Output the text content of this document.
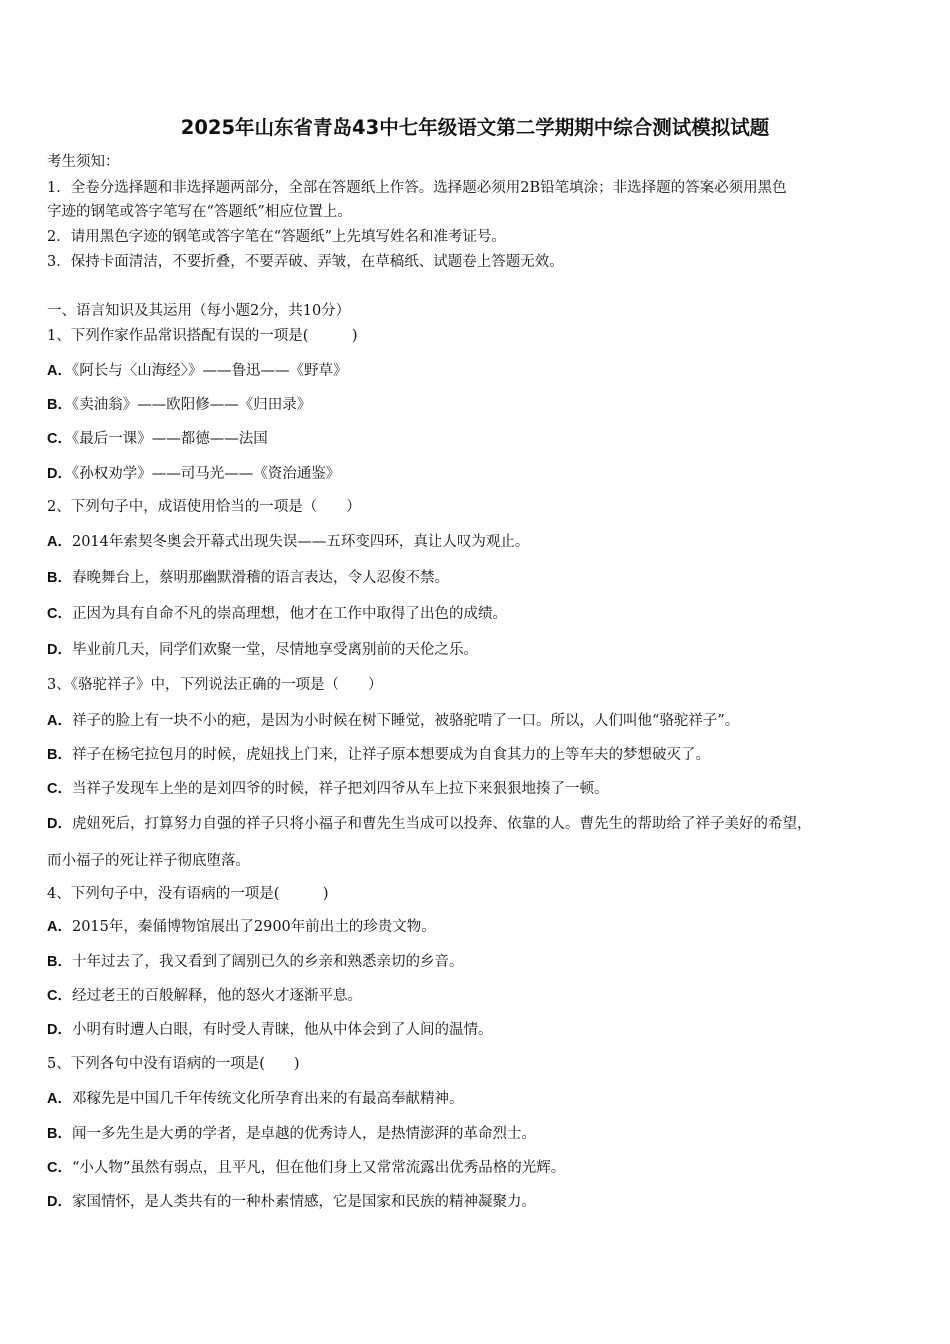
2025年山东省青岛43中七年级语文第二学期期中综合测试模拟试题
考生须知：
1．全卷分选择题和非选择题两部分，全部在答题纸上作答。选择题必须用2B铅笔填涂；非选择题的答案必须用黑色
字迹的钢笔或答字笔写在“答题纸”相应位置上。
2．请用黑色字迹的钢笔或答字笔在“答题纸”上先填写姓名和准考证号。
3．保持卡面清洁，不要折叠，不要弄破、弄皱，在草稿纸、试题卷上答题无效。
一、语言知识及其运用（每小题2分，共10分）
1、下列作家作品常识搭配有误的一项是(　　　)
A．《阿长与〈山海经〉》——鲁迅——《野草》
B．《卖油翁》——欧阳修——《归田录》
C．《最后一课》——都德——法国
D．《孙权劝学》——司马光——《资治通鉴》
2、下列句子中，成语使用恰当的一项是（　　）
A．2014年索契冬奥会开幕式出现失误——五环变四环，真让人叹为观止。
B．春晚舞台上，蔡明那幽默滑稽的语言表达，令人忍俊不禁。
C．正因为具有自命不凡的崇高理想，他才在工作中取得了出色的成绩。
D．毕业前几天，同学们欢聚一堂，尽情地享受离别前的天伦之乐。
3、《骆驼祥子》中，下列说法正确的一项是（　　）
A．祥子的脸上有一块不小的疤，是因为小时候在树下睡觉，被骆驼啃了一口。所以，人们叫他“骆驼祥子”。
B．祥子在杨宅拉包月的时候，虎妞找上门来，让祥子原本想要成为自食其力的上等车夫的梦想破灭了。
C．当祥子发现车上坐的是刘四爷的时候，祥子把刘四爷从车上拉下来狠狠地揍了一顿。
D．虎妞死后，打算努力自强的祥子只将小福子和曹先生当成可以投奔、依靠的人。曹先生的帮助给了祥子美好的希望，
而小福子的死让祥子彻底堕落。
4、下列句子中，没有语病的一项是(　　　)
A．2015年，秦俑博物馆展出了2900年前出土的珍贵文物。
B．十年过去了，我又看到了阔别已久的乡亲和熟悉亲切的乡音。
C．经过老王的百般解释，他的怒火才逐渐平息。
D．小明有时遭人白眼，有时受人青睐，他从中体会到了人间的温情。
5、下列各句中没有语病的一项是(　　)
A．邓稼先是中国几千年传统文化所孕育出来的有最高奉献精神。
B．闻一多先生是大勇的学者，是卓越的优秀诗人，是热情澎湃的革命烈士。
C．“小人物”虽然有弱点，且平凡，但在他们身上又常常流露出优秀品格的光辉。
D．家国情怀，是人类共有的一种朴素情感，它是国家和民族的精神凝聚力。
